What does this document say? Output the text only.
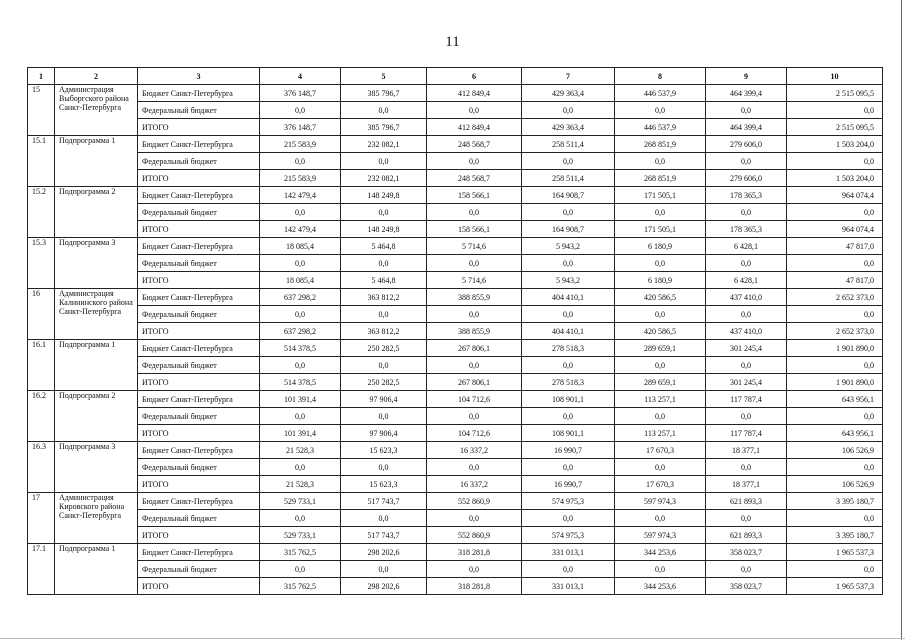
11
1	2	3	4	5	6	7	8	9	10
15	Администрация Выборгского района Санкт-Петербурга	Бюджет Санкт-Петербурга	376 148,7	385 796,7	412 849,4	429 363,4	446 537,9	464 399,4	2 515 095,5
		Федеральный бюджет	0,0	0,0	0,0	0,0	0,0	0,0	0,0
		ИТОГО	376 148,7	385 796,7	412 849,4	429 363,4	446 537,9	464 399,4	2 515 095,5
15.1	Подпрограмма 1	Бюджет Санкт-Петербурга	215 583,9	232 082,1	248 568,7	258 511,4	268 851,9	279 606,0	1 503 204,0
		Федеральный бюджет	0,0	0,0	0,0	0,0	0,0	0,0	0,0
		ИТОГО	215 583,9	232 082,1	248 568,7	258 511,4	268 851,9	279 606,0	1 503 204,0
15.2	Подпрограмма 2	Бюджет Санкт-Петербурга	142 479,4	148 249,8	158 566,1	164 908,7	171 505,1	178 365,3	964 074,4
		Федеральный бюджет	0,0	0,0	0,0	0,0	0,0	0,0	0,0
		ИТОГО	142 479,4	148 249,8	158 566,1	164 908,7	171 505,1	178 365,3	964 074,4
15.3	Подпрограмма 3	Бюджет Санкт-Петербурга	18 085,4	5 464,8	5 714,6	5 943,2	6 180,9	6 428,1	47 817,0
		Федеральный бюджет	0,0	0,0	0,0	0,0	0,0	0,0	0,0
		ИТОГО	18 085,4	5 464,8	5 714,6	5 943,2	6 180,9	6 428,1	47 817,0
16	Администрация Калининского района Санкт-Петербурга	Бюджет Санкт-Петербурга	637 298,2	363 812,2	388 855,9	404 410,1	420 586,5	437 410,0	2 652 373,0
		Федеральный бюджет	0,0	0,0	0,0	0,0	0,0	0,0	0,0
		ИТОГО	637 298,2	363 812,2	388 855,9	404 410,1	420 586,5	437 410,0	2 652 373,0
16.1	Подпрограмма 1	Бюджет Санкт-Петербурга	514 378,5	250 282,5	267 806,1	278 518,3	289 659,1	301 245,4	1 901 890,0
		Федеральный бюджет	0,0	0,0	0,0	0,0	0,0	0,0	0,0
		ИТОГО	514 378,5	250 282,5	267 806,1	278 518,3	289 659,1	301 245,4	1 901 890,0
16.2	Подпрограмма 2	Бюджет Санкт-Петербурга	101 391,4	97 906,4	104 712,6	108 901,1	113 257,1	117 787,4	643 956,1
		Федеральный бюджет	0,0	0,0	0,0	0,0	0,0	0,0	0,0
		ИТОГО	101 391,4	97 906,4	104 712,6	108 901,1	113 257,1	117 787,4	643 956,1
16.3	Подпрограмма 3	Бюджет Санкт-Петербурга	21 528,3	15 623,3	16 337,2	16 990,7	17 670,3	18 377,1	106 526,9
		Федеральный бюджет	0,0	0,0	0,0	0,0	0,0	0,0	0,0
		ИТОГО	21 528,3	15 623,3	16 337,2	16 990,7	17 670,3	18 377,1	106 526,9
17	Администрация Кировского района Санкт-Петербурга	Бюджет Санкт-Петербурга	529 733,1	517 743,7	552 860,9	574 975,3	597 974,3	621 893,3	3 395 180,7
		Федеральный бюджет	0,0	0,0	0,0	0,0	0,0	0,0	0,0
		ИТОГО	529 733,1	517 743,7	552 860,9	574 975,3	597 974,3	621 893,3	3 395 180,7
17.1	Подпрограмма 1	Бюджет Санкт-Петербурга	315 762,5	298 202,6	318 281,8	331 013,1	344 253,6	358 023,7	1 965 537,3
		Федеральный бюджет	0,0	0,0	0,0	0,0	0,0	0,0	0,0
		ИТОГО	315 762,5	298 202,6	318 281,8	331 013,1	344 253,6	358 023,7	1 965 537,3
